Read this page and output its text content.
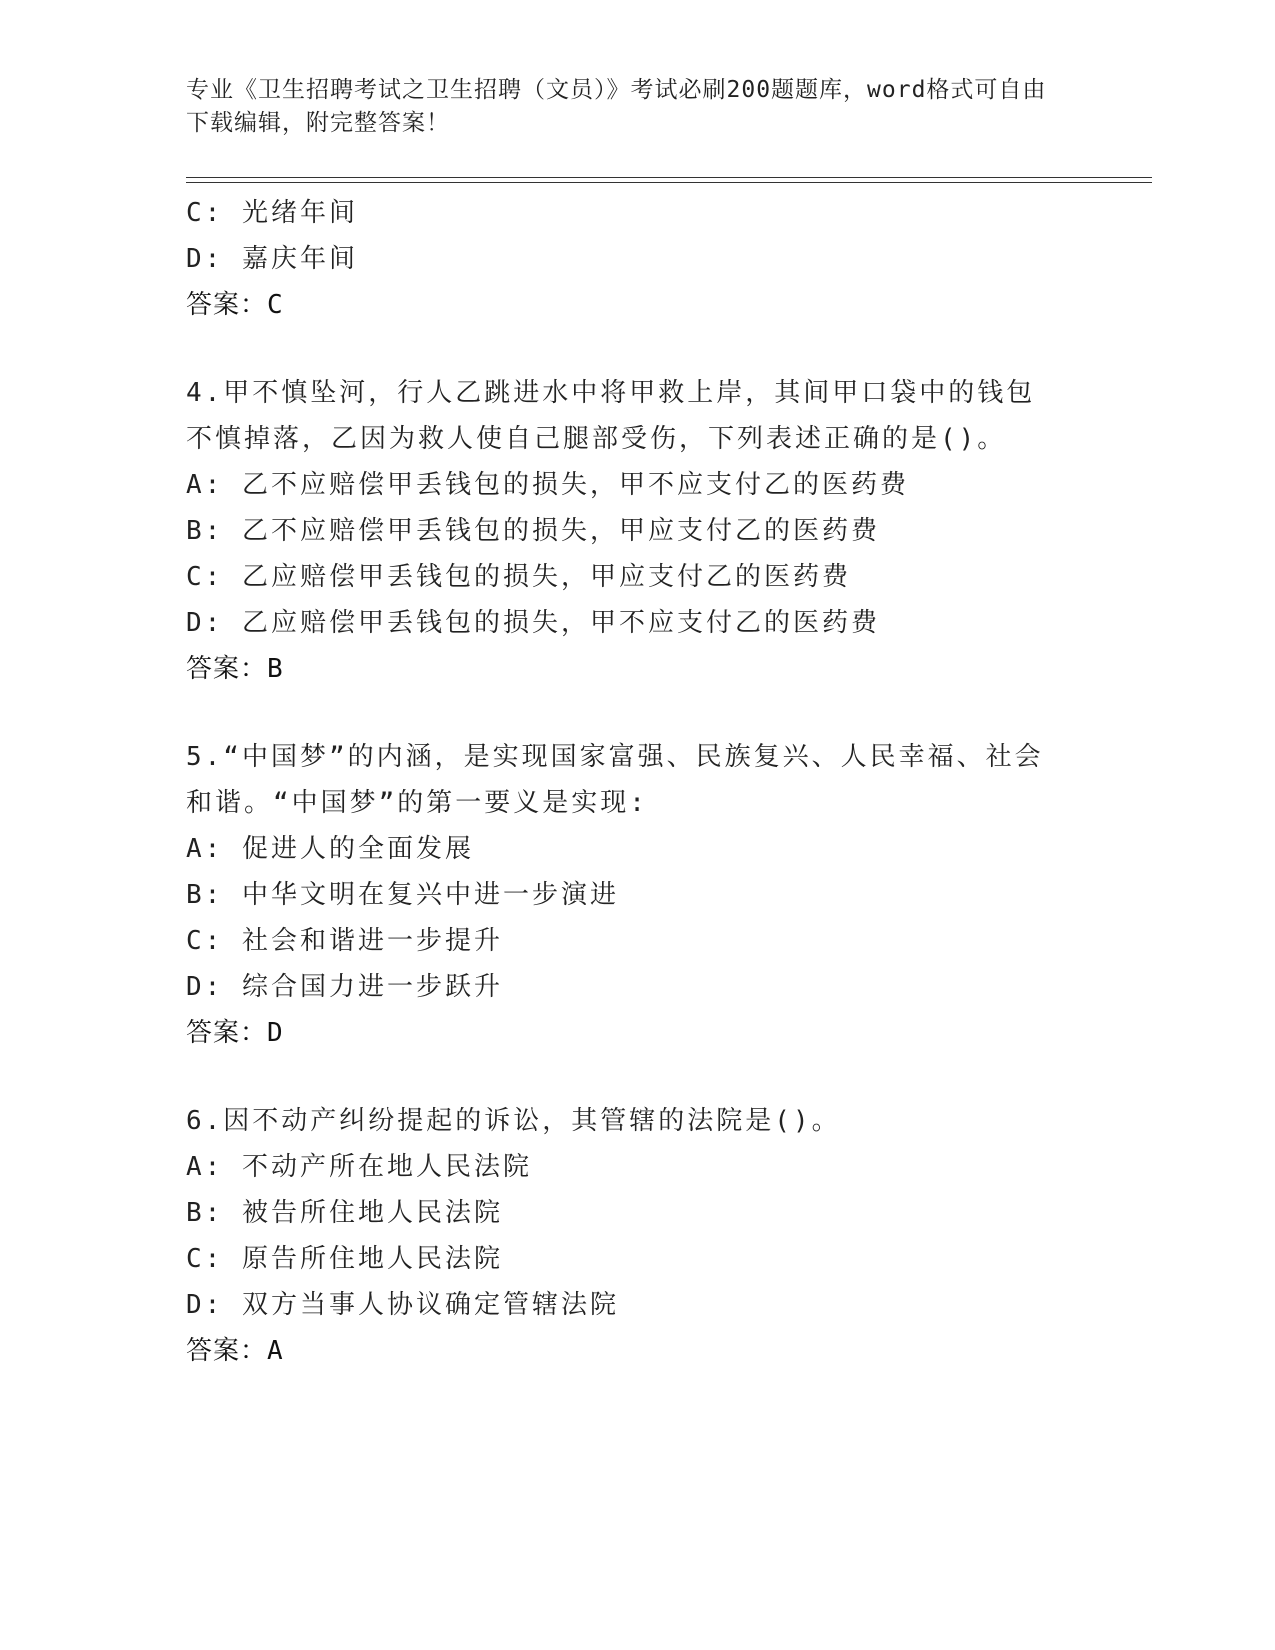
专业《卫生招聘考试之卫生招聘（文员）》考试必刷200题题库，word格式可自由下载编辑，附完整答案！
C: 光绪年间
D: 嘉庆年间
答案：C
4.甲不慎坠河，行人乙跳进水中将甲救上岸，其间甲口袋中的钱包不慎掉落，乙因为救人使自己腿部受伤，下列表述正确的是()。
A: 乙不应赔偿甲丢钱包的损失，甲不应支付乙的医药费
B: 乙不应赔偿甲丢钱包的损失，甲应支付乙的医药费
C: 乙应赔偿甲丢钱包的损失，甲应支付乙的医药费
D: 乙应赔偿甲丢钱包的损失，甲不应支付乙的医药费
答案：B
5.“中国梦”的内涵，是实现国家富强、民族复兴、人民幸福、社会和谐。“中国梦”的第一要义是实现:
A: 促进人的全面发展
B: 中华文明在复兴中进一步演进
C: 社会和谐进一步提升
D: 综合国力进一步跃升
答案：D
6.因不动产纠纷提起的诉讼，其管辖的法院是()。
A: 不动产所在地人民法院
B: 被告所住地人民法院
C: 原告所住地人民法院
D: 双方当事人协议确定管辖法院
答案：A
